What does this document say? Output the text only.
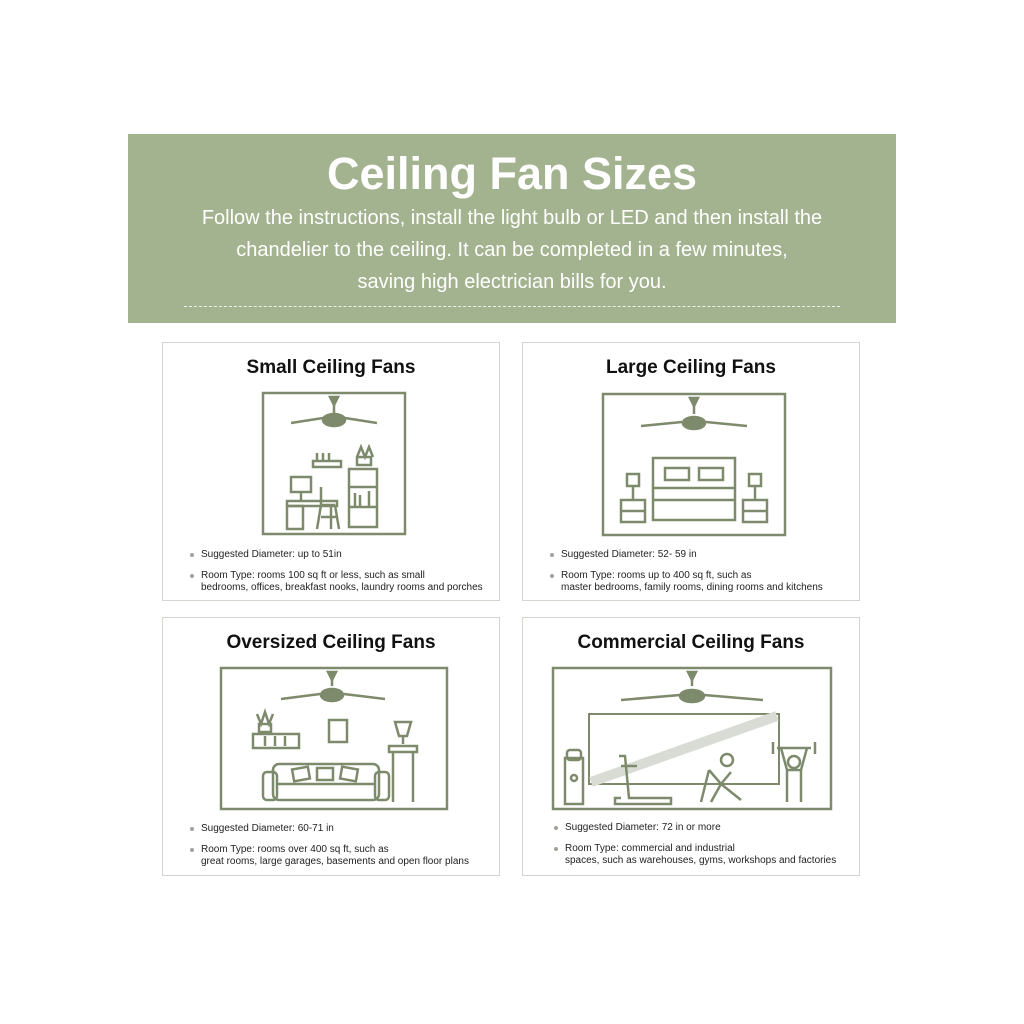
Ceiling Fan Sizes
Follow the instructions, install the light bulb or LED and then install the
chandelier to the ceiling. It can be completed in a few minutes,
saving high electrician bills for you.
Small Ceiling Fans
Suggested Diameter: up to 51in
Room Type: rooms 100 sq ft or less, such as small
bedrooms, offices, breakfast nooks, laundry rooms and porches
Large Ceiling Fans
Suggested Diameter: 52- 59 in
Room Type: rooms up to 400 sq ft, such as
master bedrooms, family rooms, dining rooms and kitchens
Oversized Ceiling Fans
Suggested Diameter: 60-71 in
Room Type: rooms over 400 sq ft, such as
great rooms, large garages, basements and open floor plans
Commercial Ceiling Fans
Suggested Diameter: 72 in or more
Room Type: commercial and industrial
spaces, such as warehouses, gyms, workshops and factories
